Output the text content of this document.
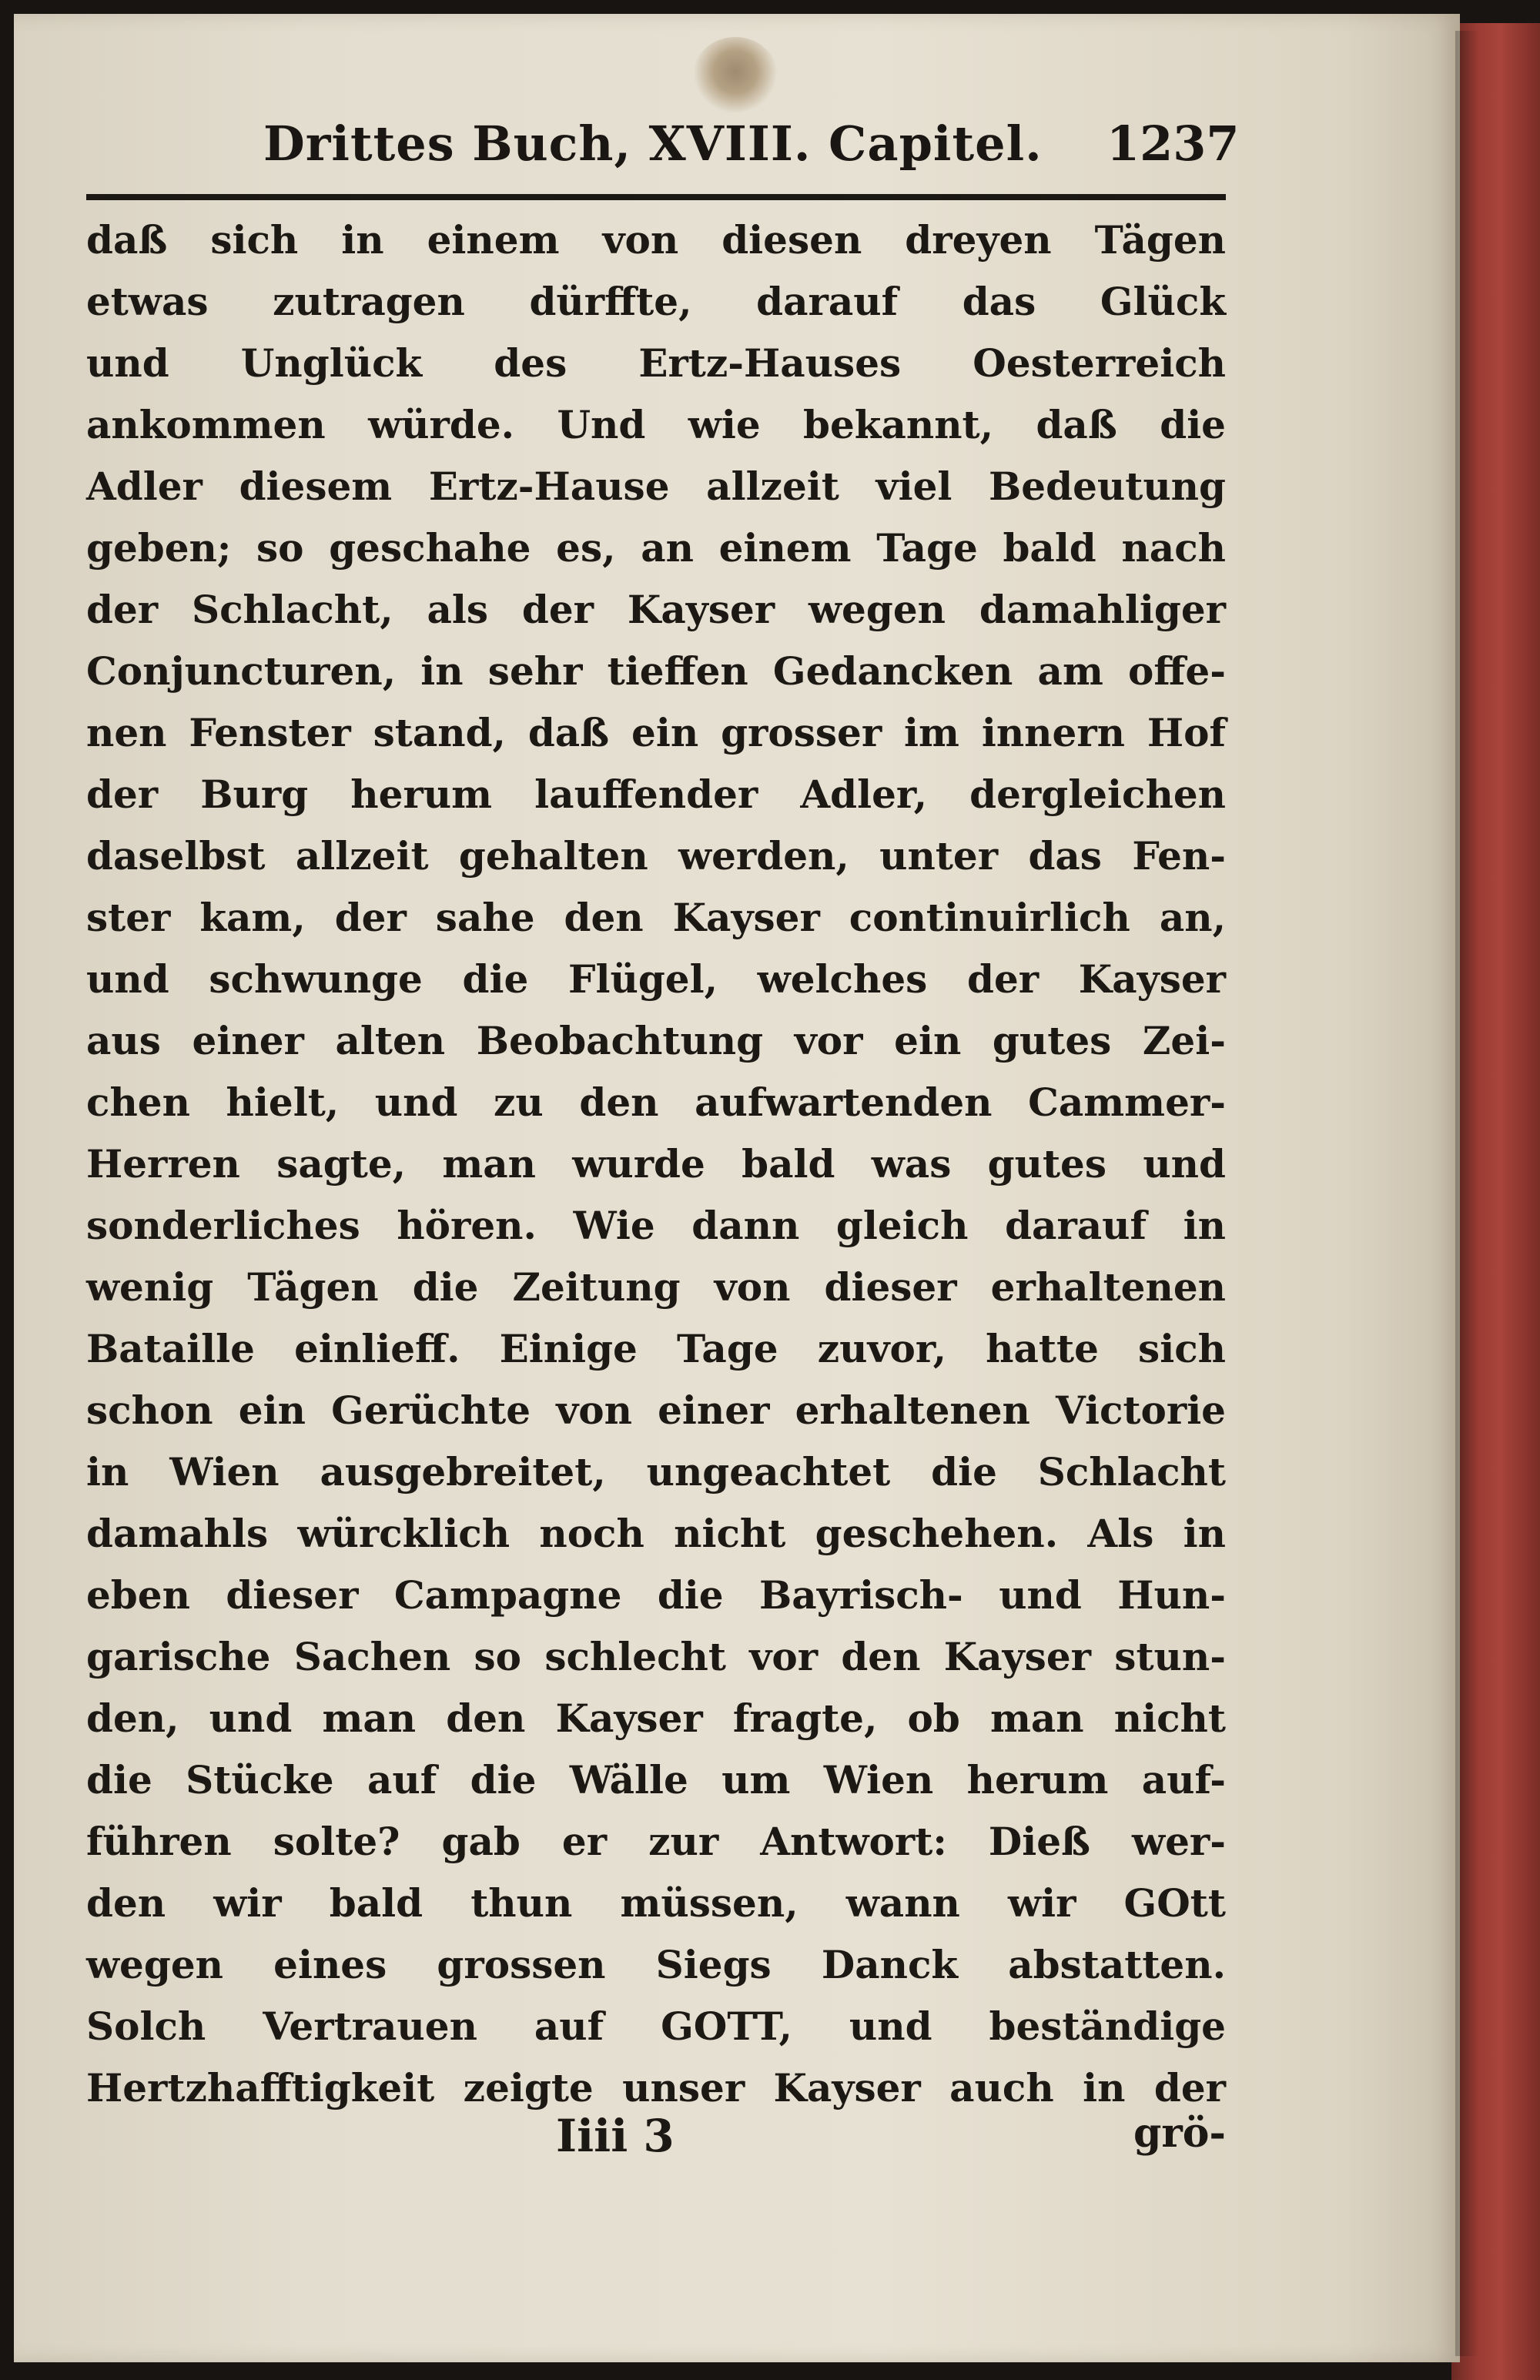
Drittes Buch, XVIII. Capitel. 1237
daß sich in einem von diesen dreyen Tägen
etwas zutragen dürffte, darauf das Glück
und Unglück des Ertz-Hauses Oesterreich
ankommen würde. Und wie bekannt, daß die
Adler diesem Ertz-Hause allzeit viel Bedeutung
geben; so geschahe es, an einem Tage bald nach
der Schlacht, als der Kayser wegen damahliger
Conjuncturen, in sehr tieffen Gedancken am offe-
nen Fenster stand, daß ein grosser im innern Hof
der Burg herum lauffender Adler, dergleichen
daselbst allzeit gehalten werden, unter das Fen-
ster kam, der sahe den Kayser continuirlich an,
und schwunge die Flügel, welches der Kayser
aus einer alten Beobachtung vor ein gutes Zei-
chen hielt, und zu den aufwartenden Cammer-
Herren sagte, man wurde bald was gutes und
sonderliches hören. Wie dann gleich darauf in
wenig Tägen die Zeitung von dieser erhaltenen
Bataille einlieff. Einige Tage zuvor, hatte sich
schon ein Gerüchte von einer erhaltenen Victorie
in Wien ausgebreitet, ungeachtet die Schlacht
damahls würcklich noch nicht geschehen. Als in
eben dieser Campagne die Bayrisch- und Hun-
garische Sachen so schlecht vor den Kayser stun-
den, und man den Kayser fragte, ob man nicht
die Stücke auf die Wälle um Wien herum auf-
führen solte? gab er zur Antwort: Dieß wer-
den wir bald thun müssen, wann wir GOtt
wegen eines grossen Siegs Danck abstatten.
Solch Vertrauen auf GOTT, und beständige
Hertzhafftigkeit zeigte unser Kayser auch in der
Iiii 3	grö-
